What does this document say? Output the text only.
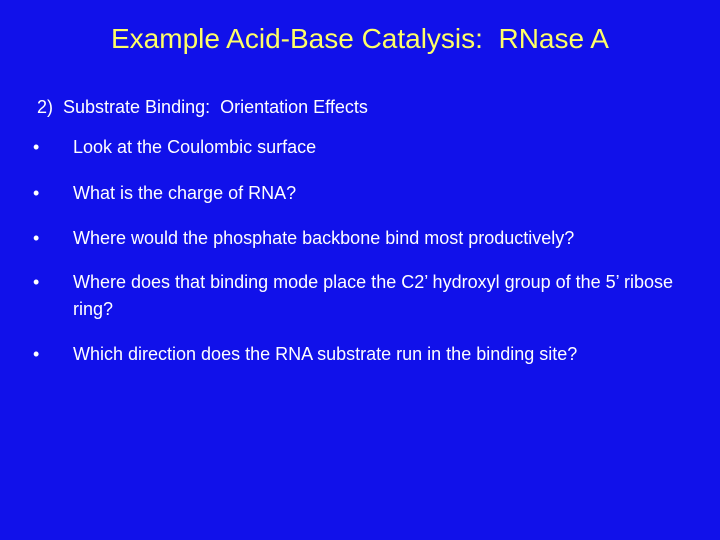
Example Acid-Base Catalysis:  RNase A
2)  Substrate Binding:  Orientation Effects
•	Look at the Coulombic surface
•	What is the charge of RNA?
•	Where would the phosphate backbone bind most productively?
•	Where does that binding mode place the C2’ hydroxyl group of the 5’ ribose ring?
•	Which direction does the RNA substrate run in the binding site?
